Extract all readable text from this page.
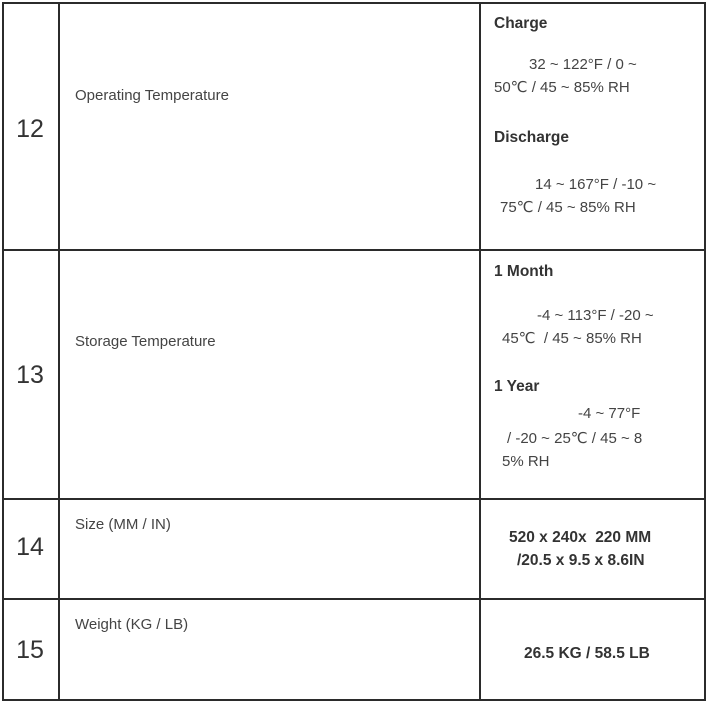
12
Operating Temperature
Charge
32 ~ 122°F / 0 ~
50℃ / 45 ~ 85% RH
Discharge
14 ~ 167°F / -10 ~
75℃ / 45 ~ 85% RH
13
Storage Temperature
1 Month
-4 ~ 113°F / -20 ~
45℃  / 45 ~ 85% RH
1 Year
-4 ~ 77°F
/ -20 ~ 25℃ / 45 ~ 8
5% RH
14
Size (MM / IN)
520 x 240x  220 MM
/20.5 x 9.5 x 8.6IN
15
Weight (KG / LB)
26.5 KG / 58.5 LB
